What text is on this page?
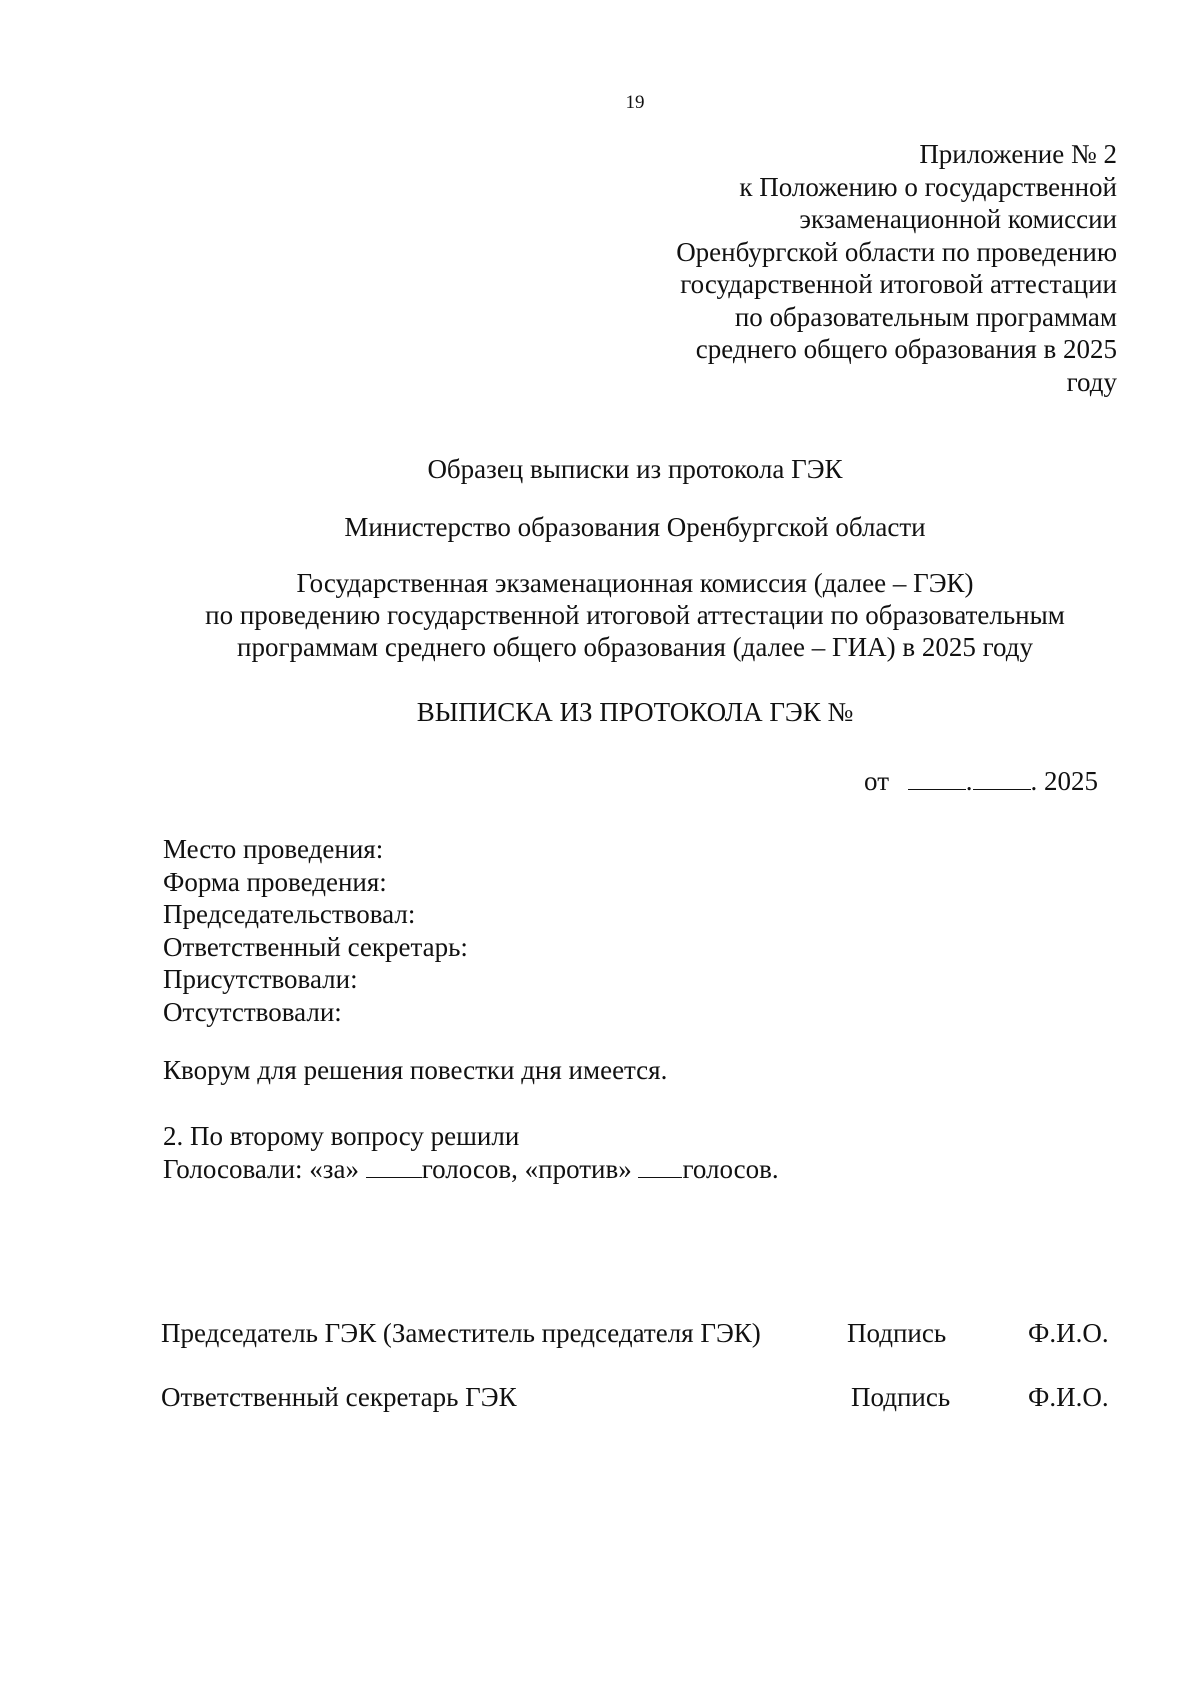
19
Приложение № 2
к Положению о государственной
экзаменационной комиссии
Оренбургской области по проведению
государственной итоговой аттестации
по образовательным программам
среднего общего образования в 2025
году
Образец выписки из протокола ГЭК
Министерство образования Оренбургской области
Государственная экзаменационная комиссия (далее – ГЭК)
по проведению государственной итоговой аттестации по образовательным
программам среднего общего образования (далее – ГИА) в 2025 году
ВЫПИСКА ИЗ ПРОТОКОЛА ГЭК №
от	. . 2025
Место проведения:
Форма проведения:
Председательствовал:
Ответственный секретарь:
Присутствовали:
Отсутствовали:
Кворум для решения повестки дня имеется.
2. По второму вопросу решили
Голосовали: «за» голосов, «против» голосов.
Председатель ГЭК (Заместитель председателя ГЭК)	Подпись	Ф.И.О.
Ответственный секретарь ГЭК	Подпись	Ф.И.О.
